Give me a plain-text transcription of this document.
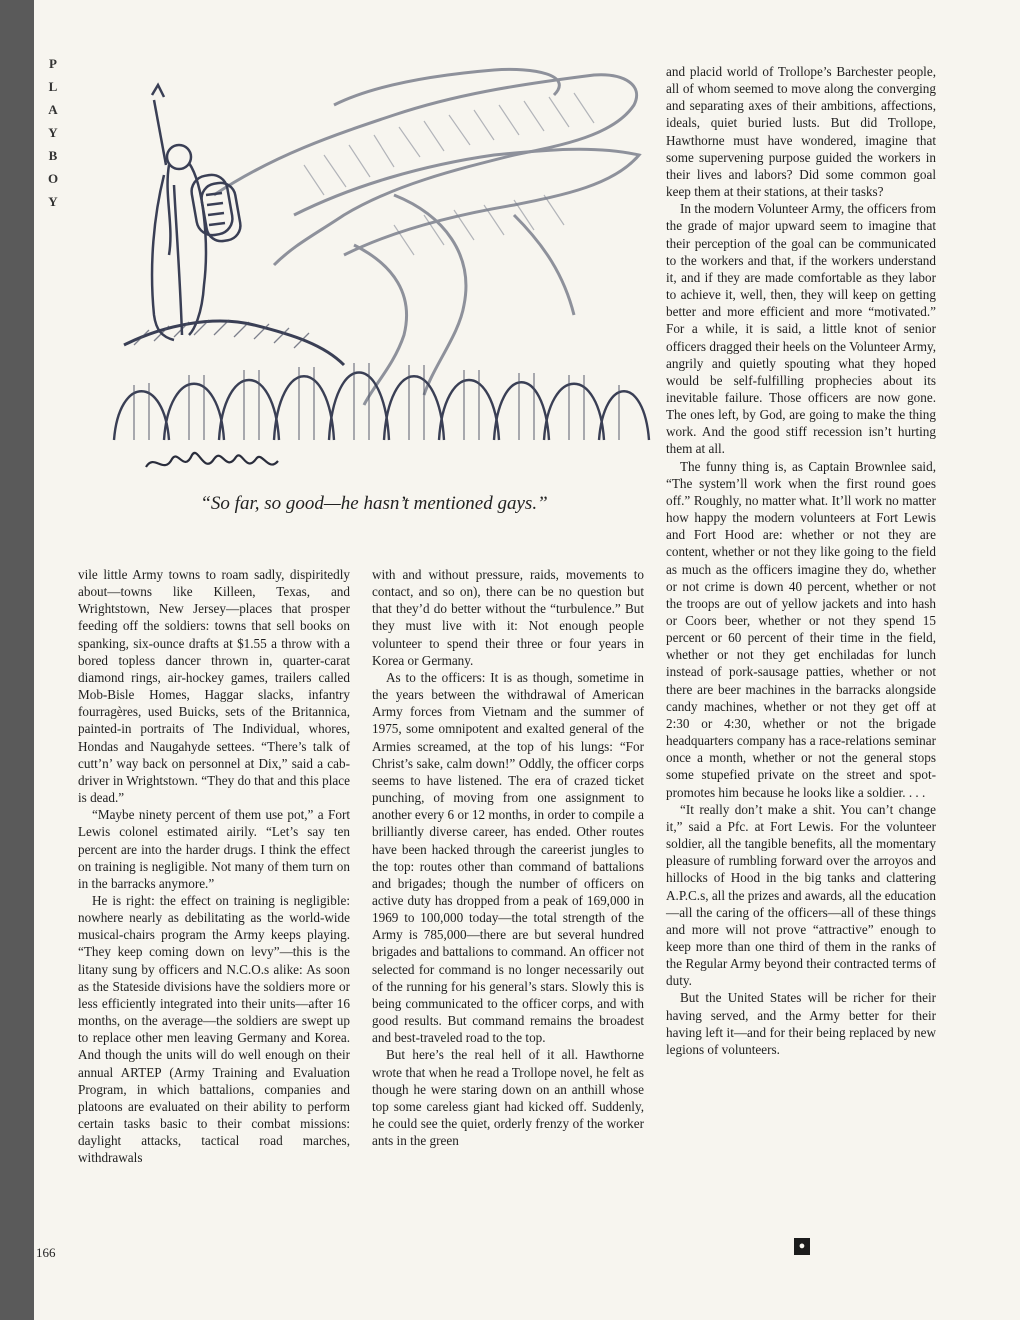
P
L
A
Y
B
O
Y
“So far, so good—he hasn’t mentioned gays.”

vile little Army towns to roam sadly, dispiritedly about—towns like Killeen, Texas, and Wrightstown, New Jersey—places that prosper feeding off the soldiers: towns that sell books on spanking, six-ounce drafts at $1.55 a throw with a bored topless dancer thrown in, quarter-carat diamond rings, air-hockey games, trailers called Mob-Bisle Homes, Haggar slacks, infantry fourragères, used Buicks, sets of the Britannica, painted-in portraits of The Individual, whores, Hondas and Naugahyde settees. “There’s talk of cutt’n’ way back on personnel at Dix,” said a cab-driver in Wrightstown. “They do that and this place is dead.”

“Maybe ninety percent of them use pot,” a Fort Lewis colonel estimated airily. “Let’s say ten percent are into the harder drugs. I think the effect on training is negligible. Not many of them turn on in the barracks anymore.”

He is right: the effect on training is negligible: nowhere nearly as debilitating as the world-wide musical-chairs program the Army keeps playing. “They keep coming down on levy”—this is the litany sung by officers and N.C.O.s alike: As soon as the Stateside divisions have the soldiers more or less efficiently integrated into their units—after 16 months, on the average—the soldiers are swept up to replace other men leaving Germany and Korea. And though the units will do well enough on their annual ARTEP (Army Training and Evaluation Program, in which battalions, companies and platoons are evaluated on their ability to perform certain tasks basic to their combat missions: daylight attacks, tactical road marches, withdrawals

with and without pressure, raids, movements to contact, and so on), there can be no question but that they’d do better without the “turbulence.” But they must live with it: Not enough people volunteer to spend their three or four years in Korea or Germany.

As to the officers: It is as though, sometime in the years between the withdrawal of American Army forces from Vietnam and the summer of 1975, some omnipotent and exalted general of the Armies screamed, at the top of his lungs: “For Christ’s sake, calm down!” Oddly, the officer corps seems to have listened. The era of crazed ticket punching, of moving from one assignment to another every 6 or 12 months, in order to compile a brilliantly diverse career, has ended. Other routes have been hacked through the careerist jungles to the top: routes other than command of battalions and brigades; though the number of officers on active duty has dropped from a peak of 169,000 in 1969 to 100,000 today—the total strength of the Army is 785,000—there are but several hundred brigades and battalions to command. An officer not selected for command is no longer necessarily out of the running for his general’s stars. Slowly this is being communicated to the officer corps, and with good results. But command remains the broadest and best-traveled road to the top.

But here’s the real hell of it all. Hawthorne wrote that when he read a Trollope novel, he felt as though he were staring down on an anthill whose top some careless giant had kicked off. Suddenly, he could see the quiet, orderly frenzy of the worker ants in the green

and placid world of Trollope’s Barchester people, all of whom seemed to move along the converging and separating axes of their ambitions, affections, ideals, quiet buried lusts. But did Trollope, Hawthorne must have wondered, imagine that some supervening purpose guided the workers in their lives and labors? Did some common goal keep them at their stations, at their tasks?

In the modern Volunteer Army, the officers from the grade of major upward seem to imagine that their perception of the goal can be communicated to the workers and that, if the workers understand it, and if they are made comfortable as they labor to achieve it, well, then, they will keep on getting better and more efficient and more “motivated.” For a while, it is said, a little knot of senior officers dragged their heels on the Volunteer Army, angrily and quietly spouting what they hoped would be self-fulfilling prophecies about its inevitable failure. Those officers are now gone. The ones left, by God, are going to make the thing work. And the good stiff recession isn’t hurting them at all.

The funny thing is, as Captain Brownlee said, “The system’ll work when the first round goes off.” Roughly, no matter what. It’ll work no matter how happy the modern volunteers at Fort Lewis and Fort Hood are: whether or not they are content, whether or not they like going to the field as much as the officers imagine they do, whether or not crime is down 40 percent, whether or not the troops are out of yellow jackets and into hash or Coors beer, whether or not they spend 15 percent or 60 percent of their time in the field, whether or not they get enchiladas for lunch instead of pork-sausage patties, whether or not there are beer machines in the barracks alongside candy machines, whether or not they get off at 2:30 or 4:30, whether or not the brigade headquarters company has a race-relations seminar once a month, whether or not the general stops some stupefied private on the street and spot-promotes him because he looks like a soldier. . . .

“It really don’t make a shit. You can’t change it,” said a Pfc. at Fort Lewis. For the volunteer soldier, all the tangible benefits, all the momentary pleasure of rumbling forward over the arroyos and hillocks of Hood in the big tanks and clattering A.P.C.s, all the prizes and awards, all the education—all the caring of the officers—all of these things and more will not prove “attractive” enough to keep more than one third of them in the ranks of the Regular Army beyond their contracted terms of duty.

But the United States will be richer for their having served, and the Army better for their having left it—and for their being replaced by new legions of volunteers.

166	●
